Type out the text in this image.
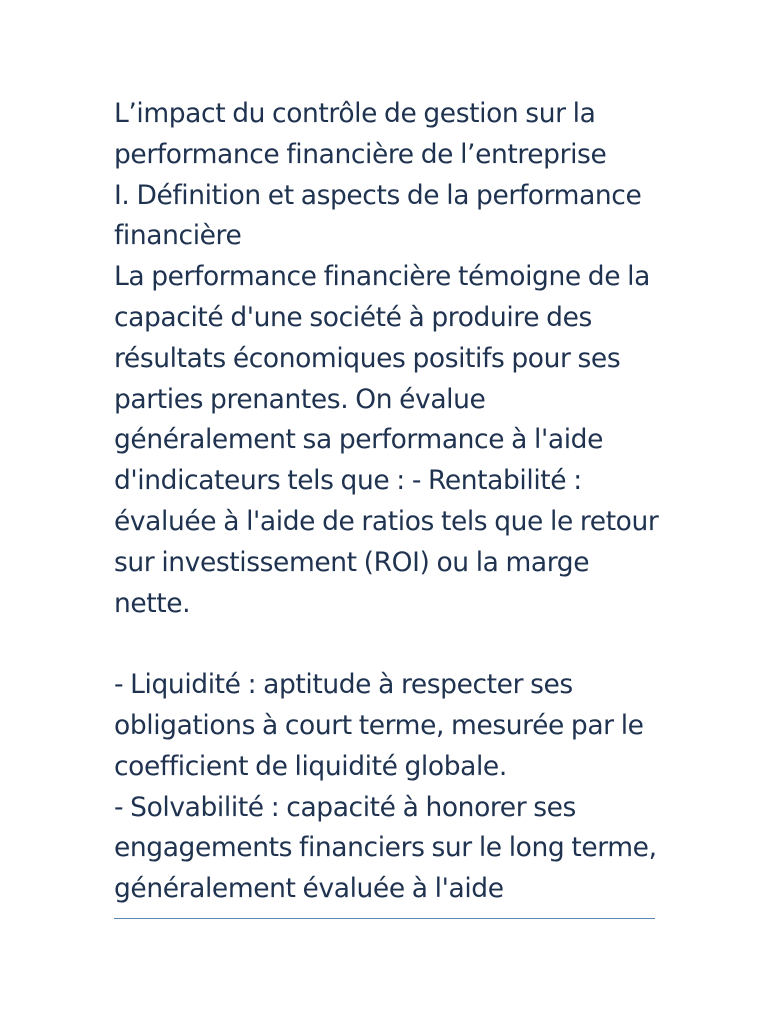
L’impact du contrôle de gestion sur la performance financière de l’entreprise

I. Définition et aspects de la performance financière

La performance financière témoigne de la capacité d'une société à produire des résultats économiques positifs pour ses parties prenantes. On évalue généralement sa performance à l'aide d'indicateurs tels que : - Rentabilité : évaluée à l'aide de ratios tels que le retour sur investissement (ROI) ou la marge nette.

- Liquidité : aptitude à respecter ses obligations à court terme, mesurée par le coefficient de liquidité globale.

- Solvabilité : capacité à honorer ses engagements financiers sur le long terme, généralement évaluée à l'aide
